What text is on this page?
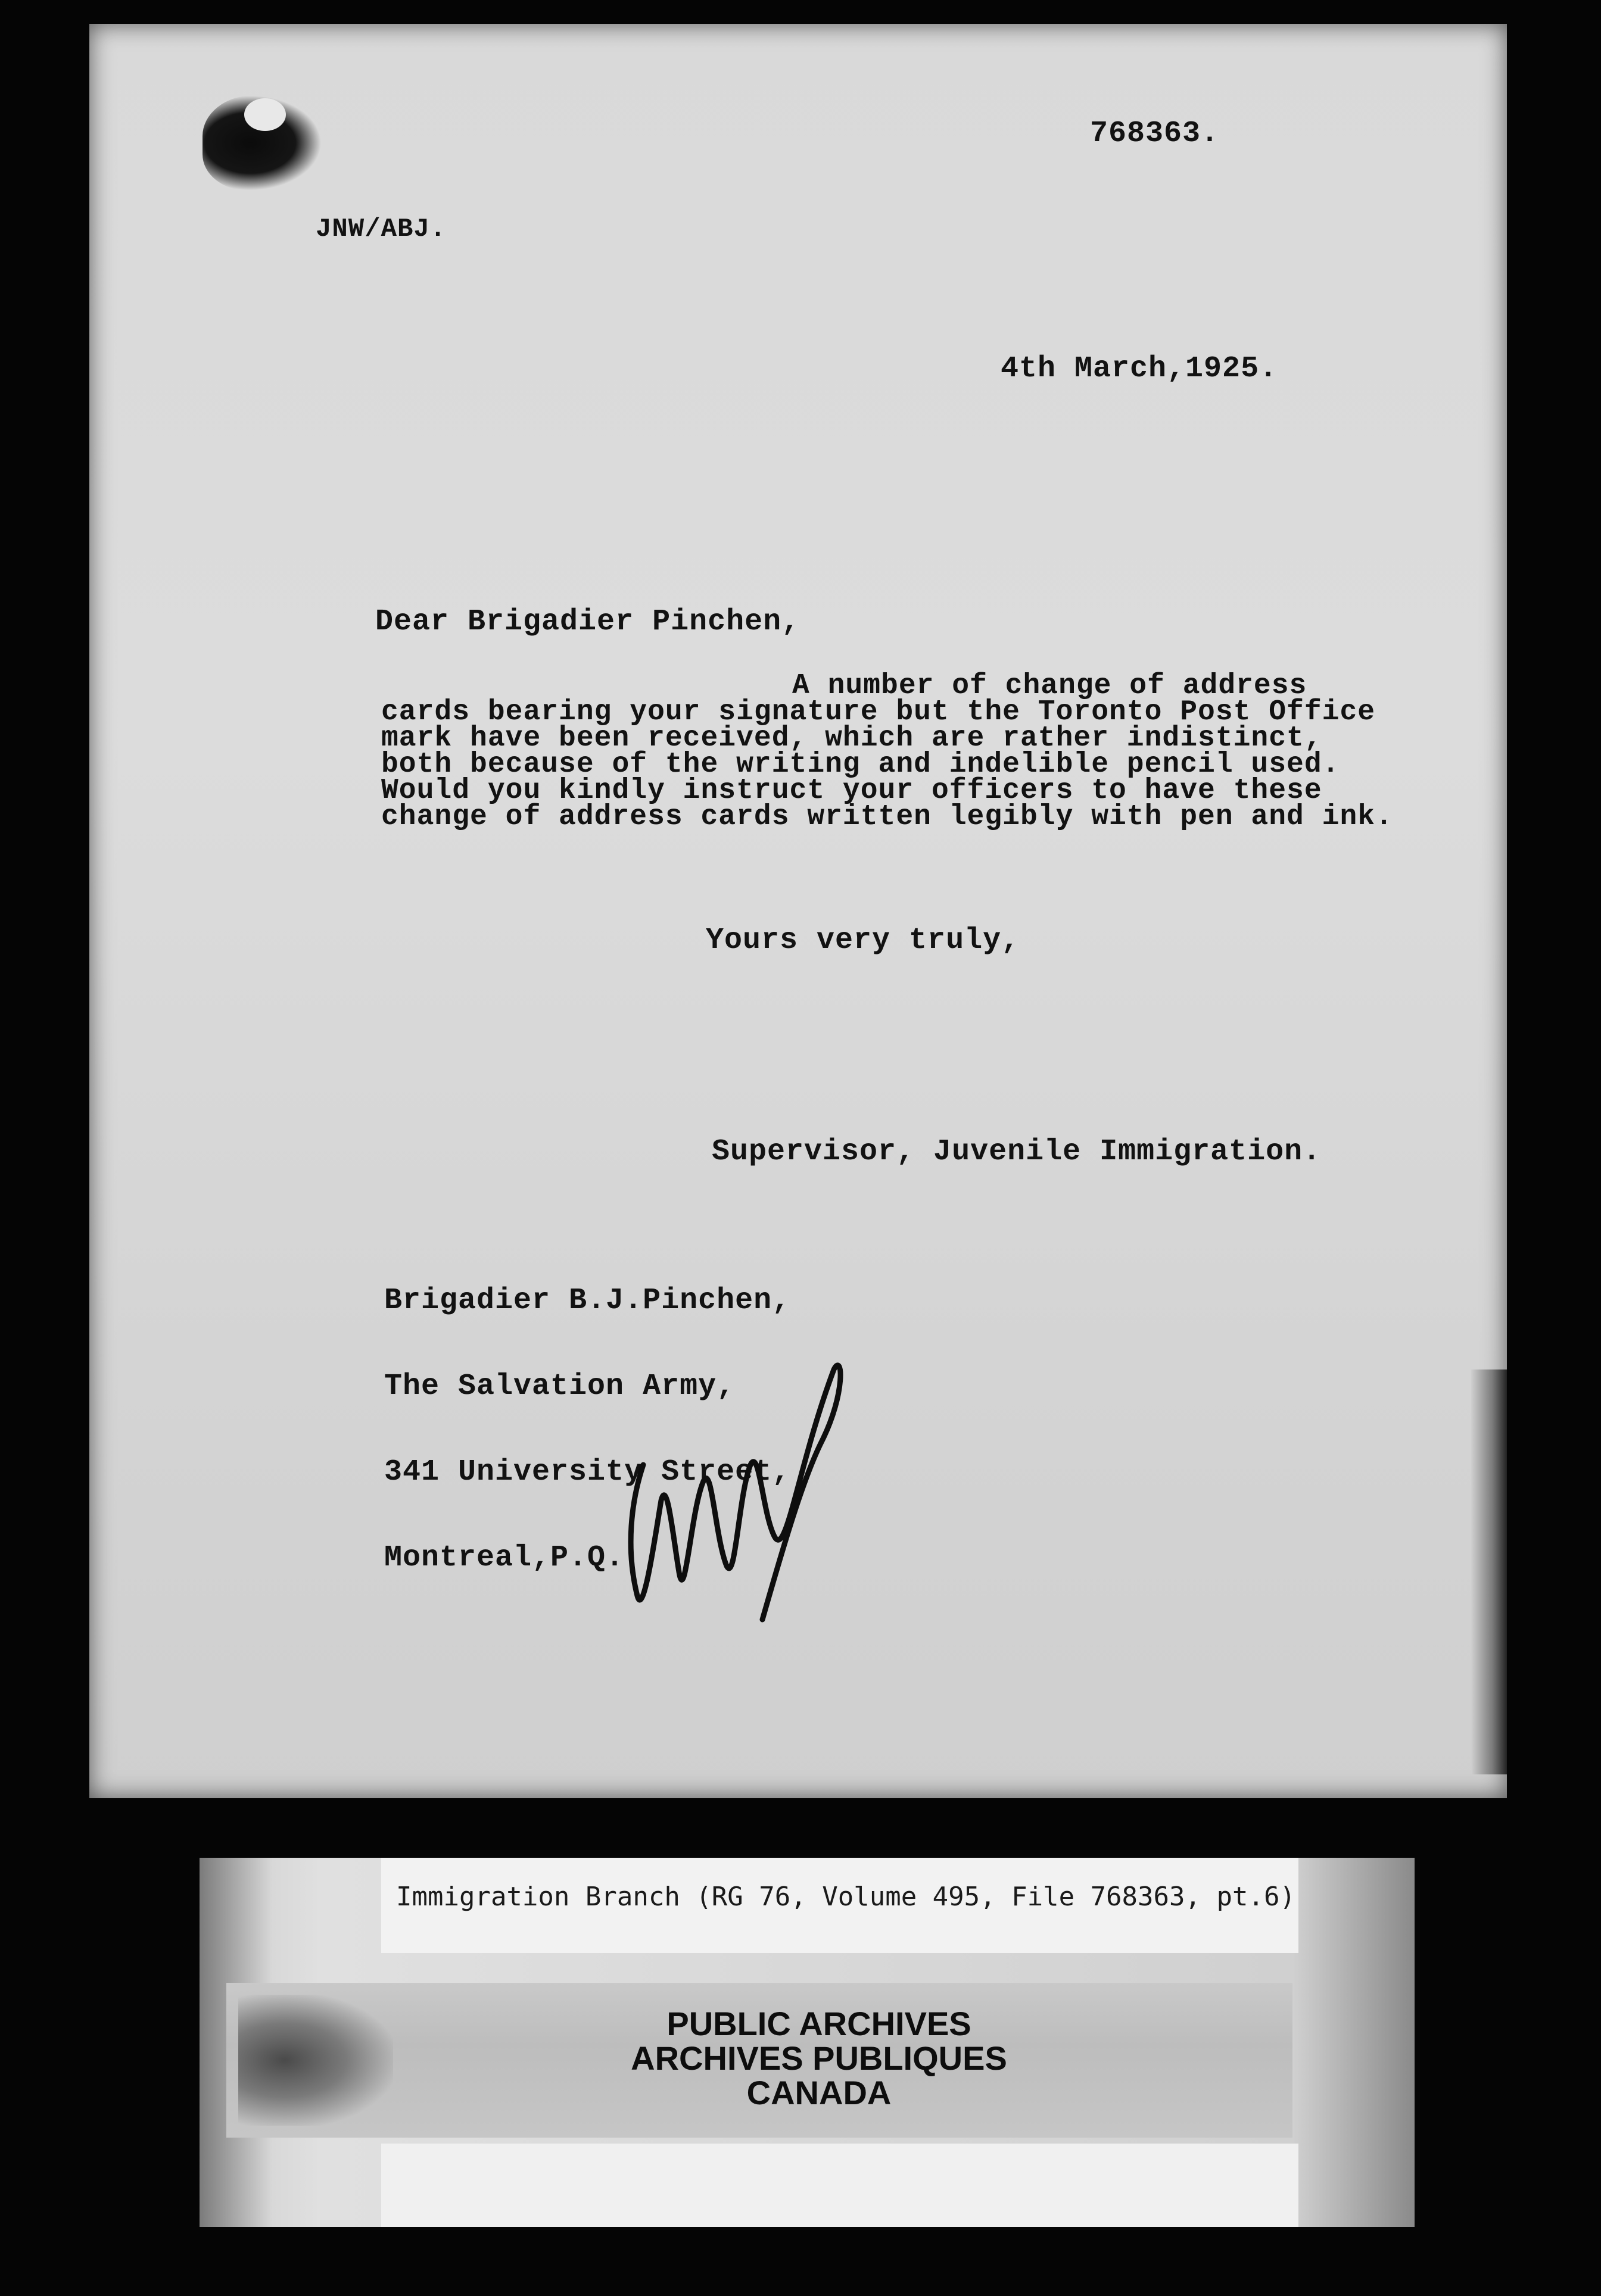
768363.
JNW/ABJ.
4th March,1925.
Dear Brigadier Pinchen,
A number of change of address
cards bearing your signature but the Toronto Post Office
mark have been received, which are rather indistinct,
both because of the writing and indelible pencil used.
Would you kindly instruct your officers to have these
change of address cards written legibly with pen and ink.
Yours very truly,
Supervisor, Juvenile Immigration.

Brigadier B.J.Pinchen,

The Salvation Army,

341 University Street,

Montreal,P.Q.

Immigration Branch (RG 76, Volume 495, File 768363, pt.6)
PUBLIC ARCHIVES
ARCHIVES PUBLIQUES
CANADA
